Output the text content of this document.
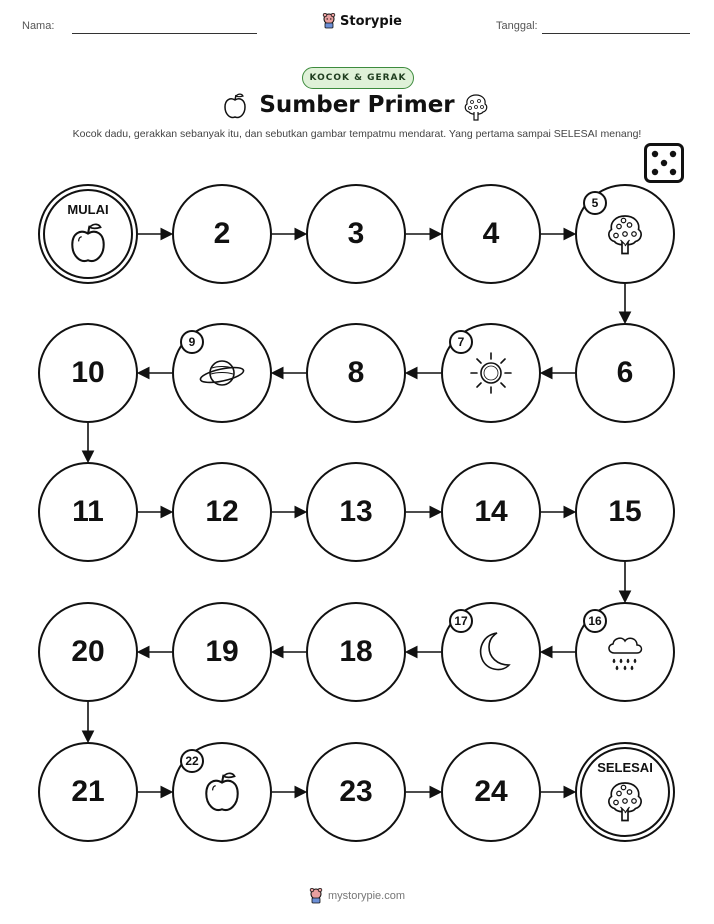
Nama:	Storypie	Tanggal:
KOCOK & GERAK
Sumber Primer
Kocok dadu, gerakkan sebanyak itu, dan sebutkan gambar tempatmu mendarat. Yang pertama sampai SELESAI menang!
MULAI
2	3	4
5
6
7
8
9
10
11	12	13	14	15
16
17
18
19
20
21
22
23	24
SELESAI
mystorypie.com
